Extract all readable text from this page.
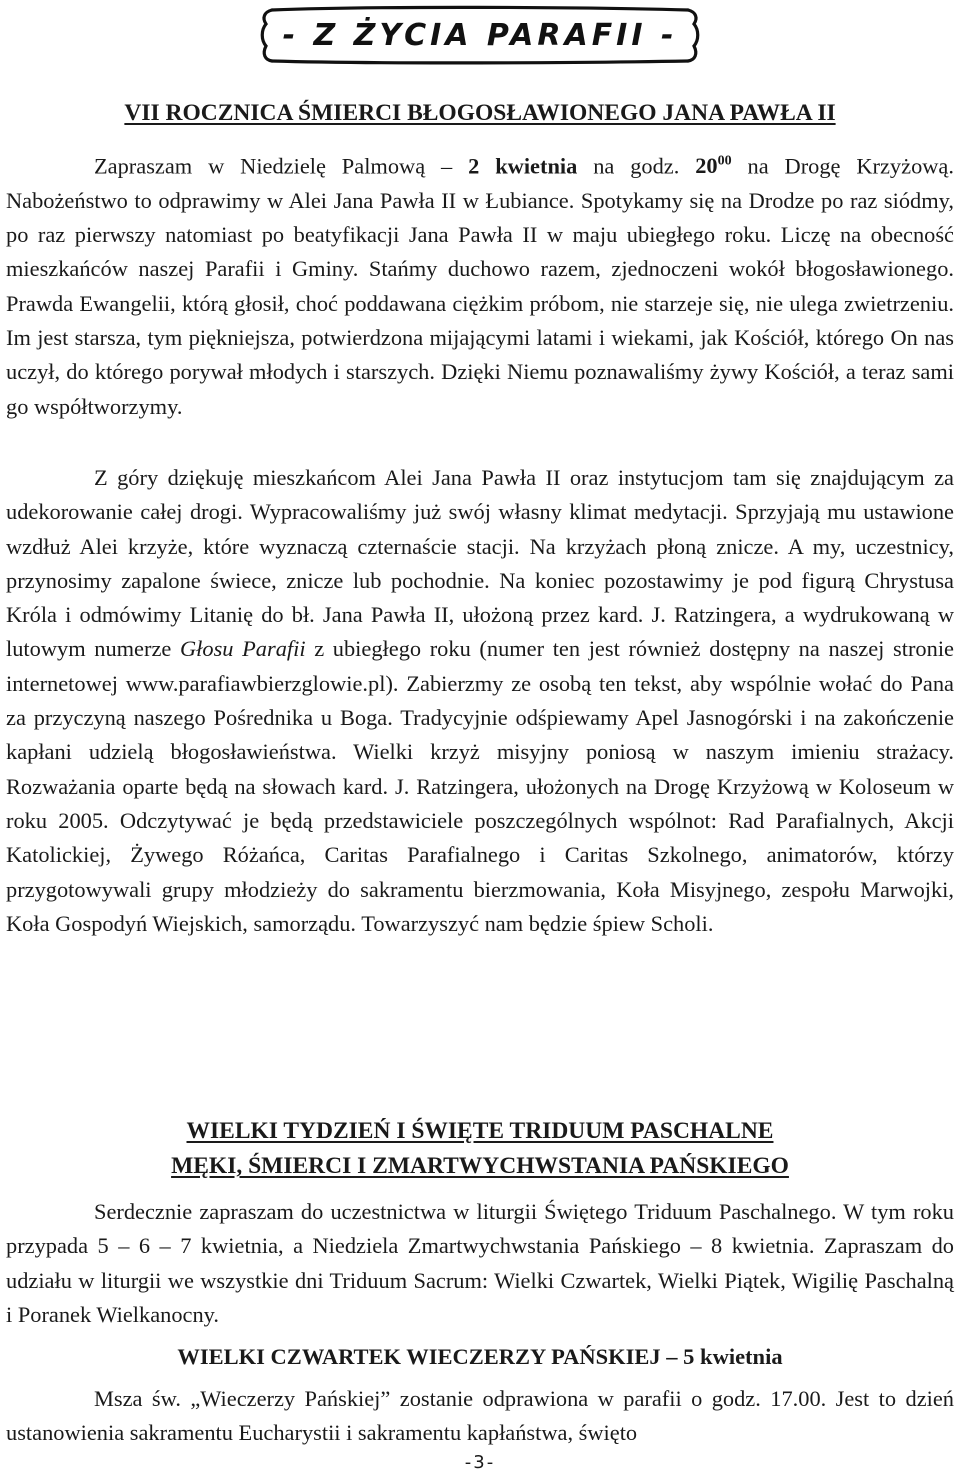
- Z ŻYCIA PARAFII -
VII ROCZNICA ŚMIERCI BŁOGOSŁAWIONEGO JANA PAWŁA II
Zapraszam w Niedzielę Palmową – 2 kwietnia na godz. $20^{00}$ na Drogę Krzyżową. Nabożeństwo to odprawimy w Alei Jana Pawła II w Łubiance. Spotykamy się na Drodze po raz siódmy, po raz pierwszy natomiast po beatyfikacji Jana Pawła II w maju ubiegłego roku. Liczę na obecność mieszkańców naszej Parafii i Gminy. Stańmy duchowo razem, zjednoczeni wokół błogosławionego. Prawda Ewangelii, którą głosił, choć poddawana ciężkim próbom, nie starzeje się, nie ulega zwietrzeniu. Im jest starsza, tym piękniejsza, potwierdzona mijającymi latami i wiekami, jak Kościół, którego On nas uczył, do którego porywał młodych i starszych. Dzięki Niemu poznawaliśmy żywy Kościół, a teraz sami go współtworzymy.
Z góry dziękuję mieszkańcom Alei Jana Pawła II oraz instytucjom tam się znajdującym za udekorowanie całej drogi. Wypracowaliśmy już swój własny klimat medytacji. Sprzyjają mu ustawione wzdłuż Alei krzyże, które wyznaczą czternaście stacji. Na krzyżach płoną znicze. A my, uczestnicy, przynosimy zapalone świece, znicze lub pochodnie. Na koniec pozostawimy je pod figurą Chrystusa Króla i odmówimy Litanię do bł. Jana Pawła II, ułożoną przez kard. J. Ratzingera, a wydrukowaną w lutowym numerze Głosu Parafii z ubiegłego roku (numer ten jest również dostępny na naszej stronie internetowej www.parafiawbierzglowie.pl). Zabierzmy ze osobą ten tekst, aby wspólnie wołać do Pana za przyczyną naszego Pośrednika u Boga. Tradycyjnie odśpiewamy Apel Jasnogórski i na zakończenie kapłani udzielą błogosławieństwa. Wielki krzyż misyjny poniosą w naszym imieniu strażacy. Rozważania oparte będą na słowach kard. J. Ratzingera, ułożonych na Drogę Krzyżową w Koloseum w roku 2005. Odczytywać je będą przedstawiciele poszczególnych wspólnot: Rad Parafialnych, Akcji Katolickiej, Żywego Różańca, Caritas Parafialnego i Caritas Szkolnego, animatorów, którzy przygotowywali grupy młodzieży do sakramentu bierzmowania, Koła Misyjnego, zespołu Marwojki, Koła Gospodyń Wiejskich, samorządu. Towarzyszyć nam będzie śpiew Scholi.
WIELKI TYDZIEŃ I ŚWIĘTE TRIDUUM PASCHALNE
MĘKI, ŚMIERCI I ZMARTWYCHWSTANIA PAŃSKIEGO
Serdecznie zapraszam do uczestnictwa w liturgii Świętego Triduum Paschalnego. W tym roku przypada 5 – 6 – 7 kwietnia, a Niedziela Zmartwychwstania Pańskiego – 8 kwietnia. Zapraszam do udziału w liturgii we wszystkie dni Triduum Sacrum: Wielki Czwartek, Wielki Piątek, Wigilię Paschalną i Poranek Wielkanocny.
WIELKI CZWARTEK WIECZERZY PAŃSKIEJ – 5 kwietnia
Msza św. „Wieczerzy Pańskiej” zostanie odprawiona w parafii o godz. 17.00. Jest to dzień ustanowienia sakramentu Eucharystii i sakramentu kapłaństwa, święto
-3-
